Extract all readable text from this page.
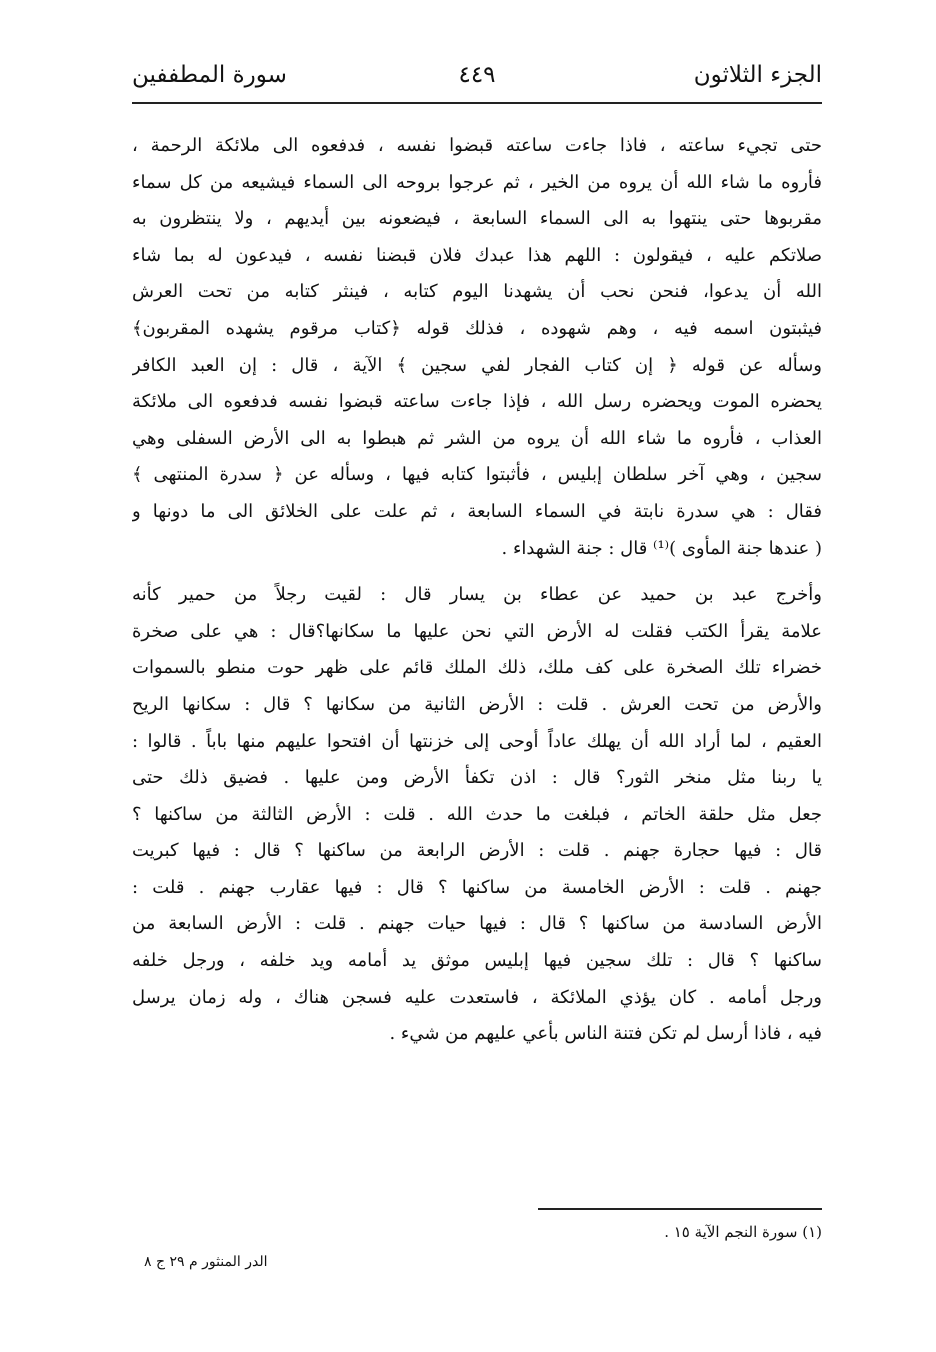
الجزء الثلاثون
٤٤٩
سورة المطففين
حتى تجيء ساعته ، فاذا جاءت ساعته قبضوا نفسه ، فدفعوه الى ملائكة الرحمة ،
فأروه ما شاء الله أن يروه من الخير ، ثم عرجوا بروحه الى السماء فيشيعه من كل سماء
مقربوها حتى ينتهوا به الى السماء السابعة ، فيضعونه بين أيديهم ، ولا ينتظرون به
صلاتكم عليه ، فيقولون : اللهم هذا عبدك فلان قبضنا نفسه ، فيدعون له بما شاء
الله أن يدعوا، فنحن نحب أن يشهدنا اليوم كتابه ، فينثر كتابه من تحت العرش
فيثبتون اسمه فيه ، وهم شهوده ، فذلك قوله ﴿كتاب مرقوم يشهده المقربون﴾
وسأله عن قوله ﴿ إن كتاب الفجار لفي سجين ﴾ الآية ، قال : إن العبد الكافر
يحضره الموت ويحضره رسل الله ، فإذا جاءت ساعته قبضوا نفسه فدفعوه الى ملائكة
العذاب ، فأروه ما شاء الله أن يروه من الشر ثم هبطوا به الى الأرض السفلى وهي
سجين ، وهي آخر سلطان إبليس ، فأثبتوا كتابه فيها ، وسأله عن ﴿ سدرة المنتهى ﴾
فقال : هي سدرة نابتة في السماء السابعة ، ثم علت على الخلائق الى ما دونها و
( عندها جنة المأوى )⁽¹⁾ قال : جنة الشهداء .
وأخرج عبد بن حميد عن عطاء بن يسار قال : لقيت رجلاً من حمير كأنه
علامة يقرأ الكتب فقلت له الأرض التي نحن عليها ما سكانها؟قال : هي على صخرة
خضراء تلك الصخرة على كف ملك، ذلك الملك قائم على ظهر حوت منطو بالسموات
والأرض من تحت العرش . قلت : الأرض الثانية من سكانها ؟ قال : سكانها الريح
العقيم ، لما أراد الله أن يهلك عاداً أوحى إلى خزنتها أن افتحوا عليهم منها باباً . قالوا :
يا ربنا مثل منخر الثور؟ قال : اذن تكفأ الأرض ومن عليها . فضيق ذلك حتى
جعل مثل حلقة الخاتم ، فبلغت ما حدث الله . قلت : الأرض الثالثة من ساكنها ؟
قال : فيها حجارة جهنم . قلت : الأرض الرابعة من ساكنها ؟ قال : فيها كبريت
جهنم . قلت : الأرض الخامسة من ساكنها ؟ قال : فيها عقارب جهنم . قلت :
الأرض السادسة من ساكنها ؟ قال : فيها حيات جهنم . قلت : الأرض السابعة من
ساكنها ؟ قال : تلك سجين فيها إبليس موثق يد أمامه ويد خلفه ، ورجل خلفه
ورجل أمامه . كان يؤذي الملائكة ، فاستعدت عليه فسجن هناك ، وله زمان يرسل
فيه ، فاذا أرسل لم تكن فتنة الناس بأعي عليهم من شيء .
(١) سورة النجم الآية ١٥ .
الدر المنثور م ٢٩ ج ٨
